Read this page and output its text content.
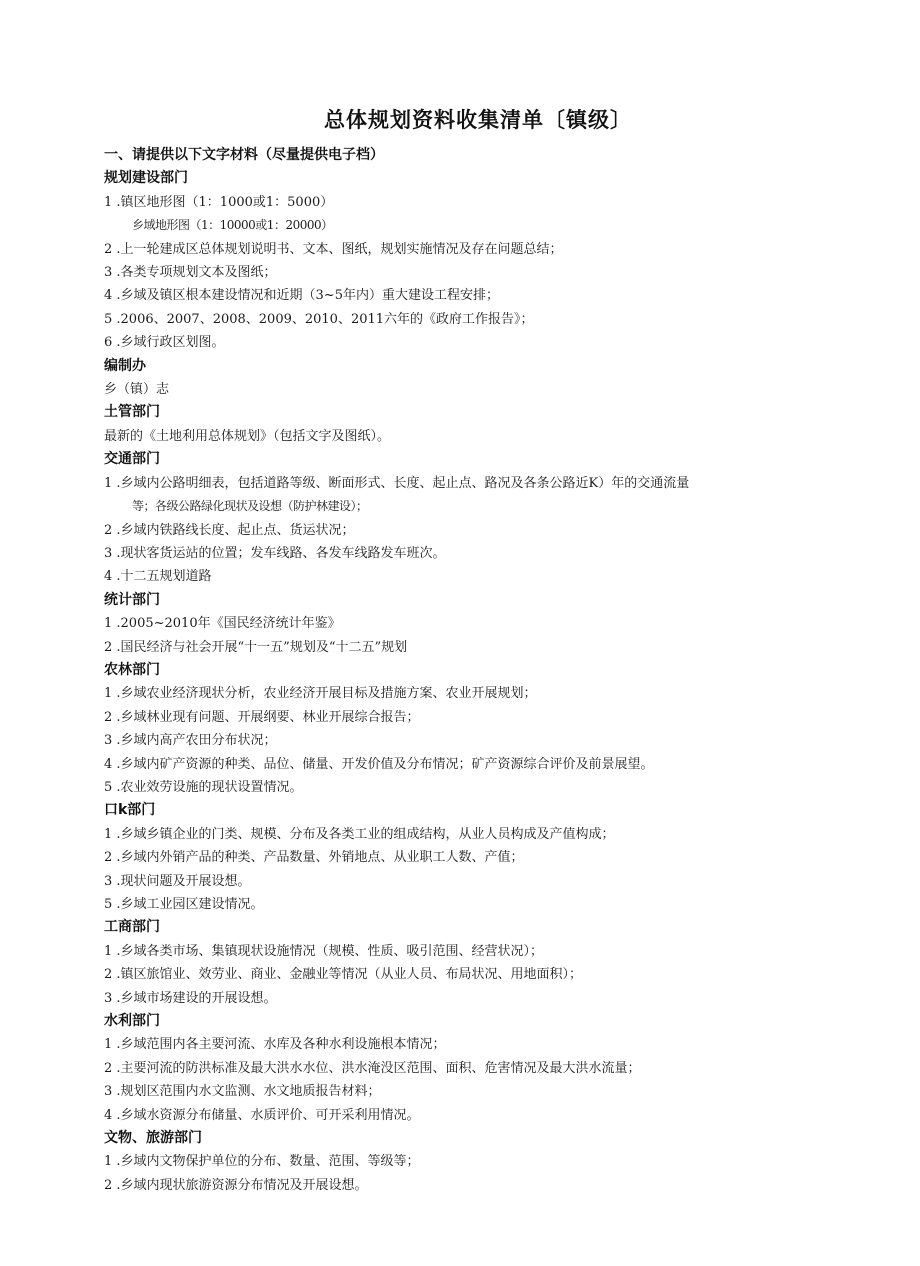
总体规划资料收集清单〔镇级〕
一、请提供以下文字材料（尽量提供电子档）
规划建设部门
1 .镇区地形图（1：1000或1：5000）
乡域地形图（1：10000或1：20000）
2 .上一轮建成区总体规划说明书、文本、图纸，规划实施情况及存在问题总结；
3 .各类专项规划文本及图纸；
4 .乡域及镇区根本建设情况和近期（3~5年内）重大建设工程安排；
5 .2006、2007、2008、2009、2010、2011六年的《政府工作报告》；
6 .乡域行政区划图。
编制办
乡（镇）志
土管部门
最新的《土地利用总体规划》（包括文字及图纸）。
交通部门
1 .乡域内公路明细表，包括道路等级、断面形式、长度、起止点、路况及各条公路近K）年的交通流量
等；各级公路绿化现状及设想（防护林建设）；
2 .乡域内铁路线长度、起止点、货运状况；
3 .现状客货运站的位置；发车线路、各发车线路发车班次。
4 .十二五规划道路
统计部门
1 .2005~2010年《国民经济统计年鉴》
2 .国民经济与社会开展“十一五”规划及“十二五”规划
农林部门
1 .乡域农业经济现状分析，农业经济开展目标及措施方案、农业开展规划；
2 .乡域林业现有问题、开展纲要、林业开展综合报告；
3 .乡域内高产农田分布状况；
4 .乡域内矿产资源的种类、品位、储量、开发价值及分布情况；矿产资源综合评价及前景展望。
5 .农业效劳设施的现状设置情况。
口k部门
1 .乡域乡镇企业的门类、规模、分布及各类工业的组成结构，从业人员构成及产值构成；
2 .乡域内外销产品的种类、产品数量、外销地点、从业职工人数、产值；
3 .现状问题及开展设想。
5 .乡域工业园区建设情况。
工商部门
1 .乡域各类市场、集镇现状设施情况（规模、性质、吸引范围、经营状况）；
2 .镇区旅馆业、效劳业、商业、金融业等情况（从业人员、布局状况、用地面积）；
3 .乡域市场建设的开展设想。
水利部门
1 .乡域范围内各主要河流、水库及各种水利设施根本情况；
2 .主要河流的防洪标准及最大洪水水位、洪水淹没区范围、面积、危害情况及最大洪水流量；
3 .规划区范围内水文监测、水文地质报告材料；
4 .乡域水资源分布储量、水质评价、可开采利用情况。
文物、旅游部门
1 .乡域内文物保护单位的分布、数量、范围、等级等；
2 .乡域内现状旅游资源分布情况及开展设想。
